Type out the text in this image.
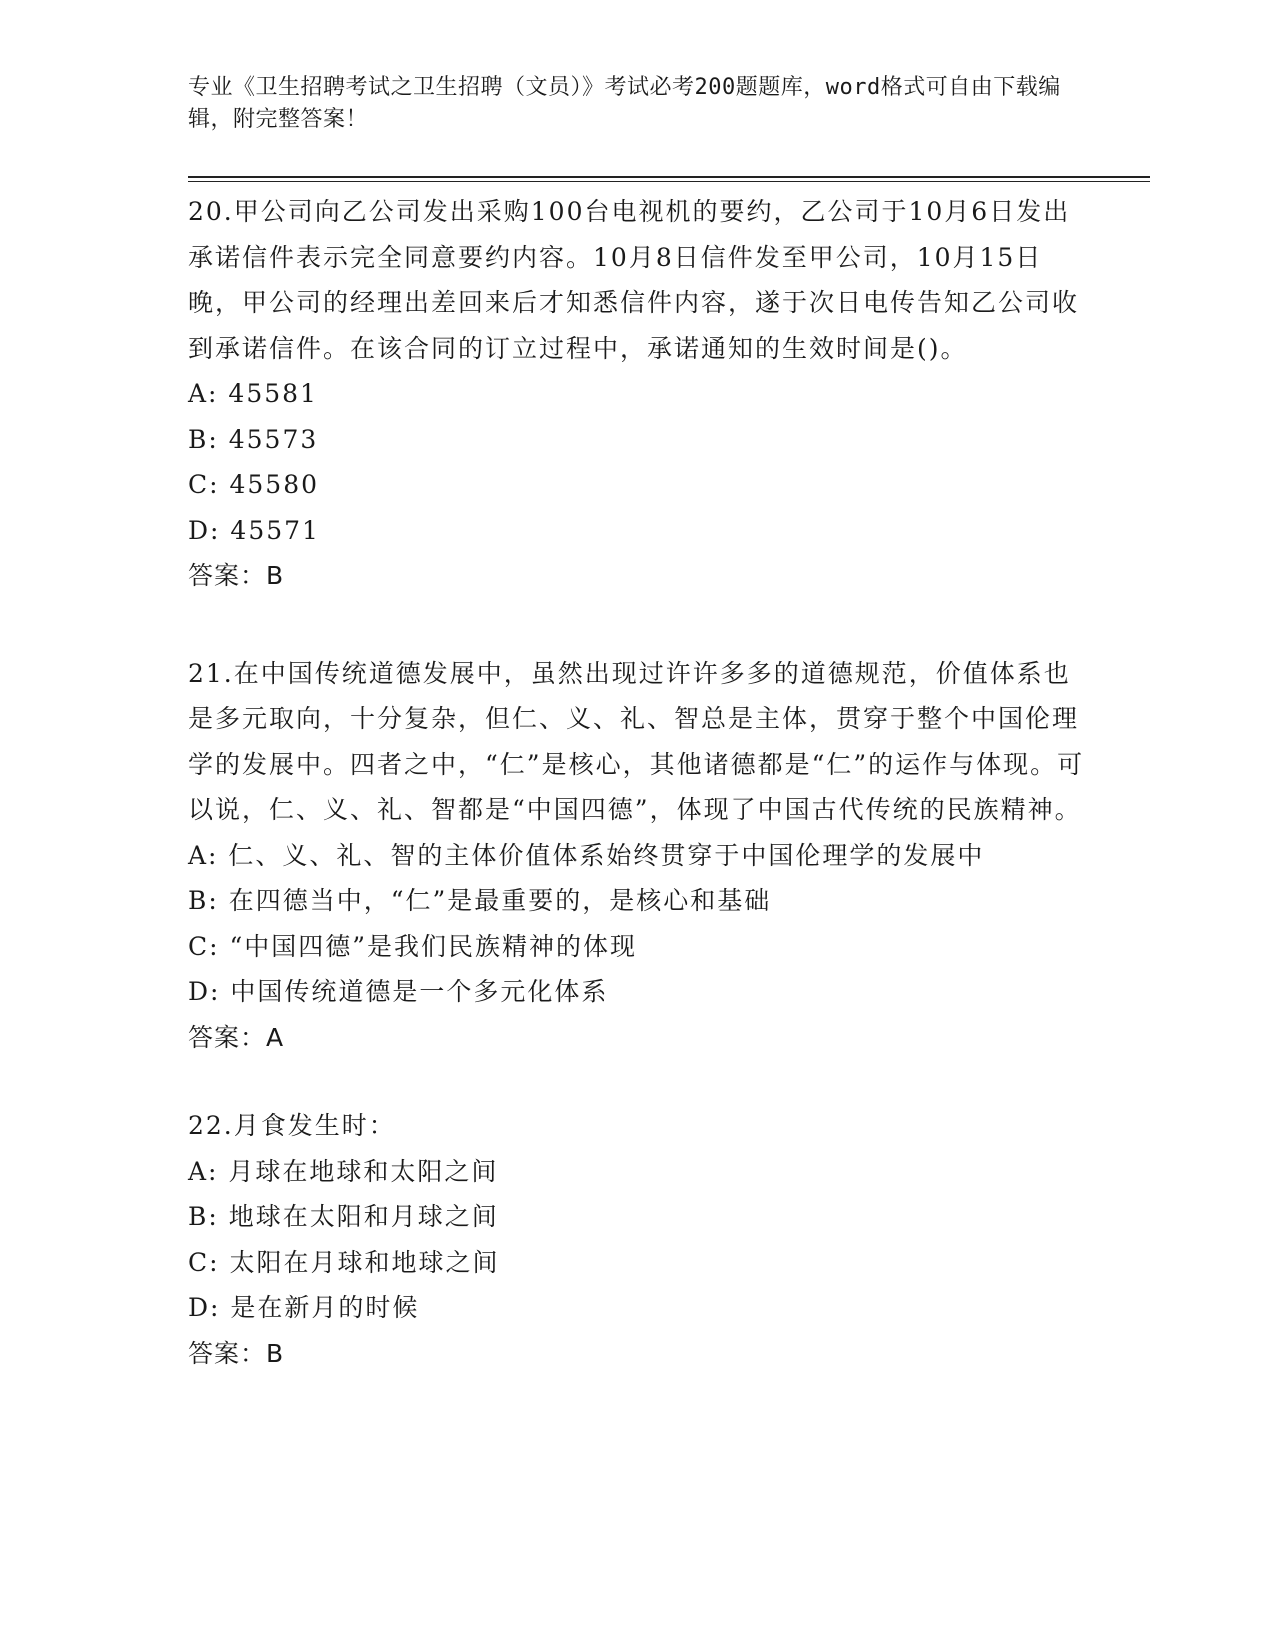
专业《卫生招聘考试之卫生招聘（文员）》考试必考200题题库，word格式可自由下载编辑，附完整答案！

20.甲公司向乙公司发出采购100台电视机的要约，乙公司于10月6日发出承诺信件表示完全同意要约内容。10月8日信件发至甲公司，10月15日晚，甲公司的经理出差回来后才知悉信件内容，遂于次日电传告知乙公司收到承诺信件。在该合同的订立过程中，承诺通知的生效时间是()。

A: 45581

B: 45573

C: 45580

D: 45571

答案：B

21.在中国传统道德发展中，虽然出现过许许多多的道德规范，价值体系也是多元取向，十分复杂，但仁、义、礼、智总是主体，贯穿于整个中国伦理学的发展中。四者之中，“仁”是核心，其他诸德都是“仁”的运作与体现。可以说，仁、义、礼、智都是“中国四德”，体现了中国古代传统的民族精神。

A: 仁、义、礼、智的主体价值体系始终贯穿于中国伦理学的发展中

B: 在四德当中，“仁”是最重要的，是核心和基础

C: “中国四德”是我们民族精神的体现

D: 中国传统道德是一个多元化体系

答案：A

22.月食发生时：

A: 月球在地球和太阳之间

B: 地球在太阳和月球之间

C: 太阳在月球和地球之间

D: 是在新月的时候

答案：B
